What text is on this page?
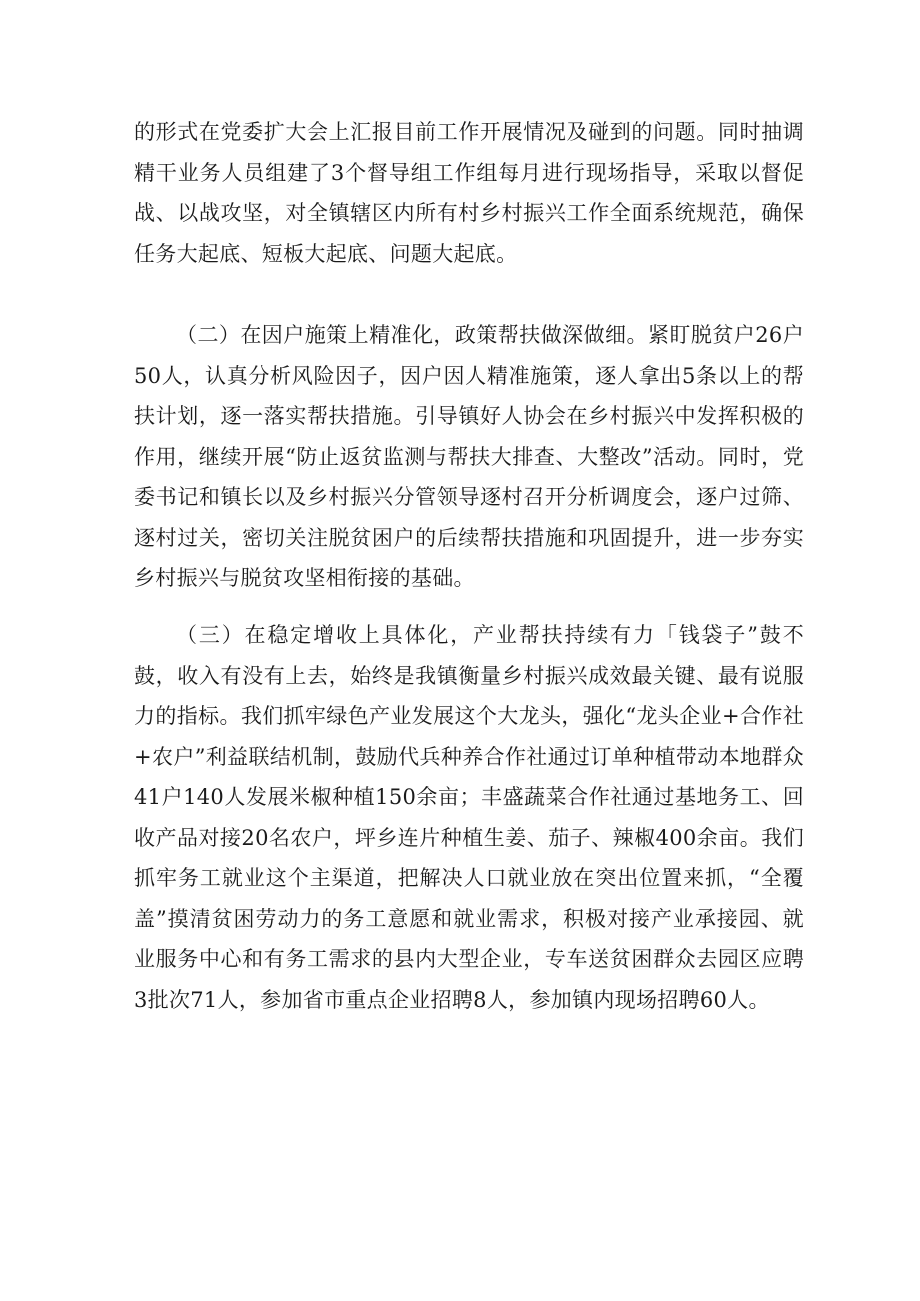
的形式在党委扩大会上汇报目前工作开展情况及碰到的问题。同时抽调精干业务人员组建了3个督导组工作组每月进行现场指导，采取以督促战、以战攻坚，对全镇辖区内所有村乡村振兴工作全面系统规范，确保任务大起底、短板大起底、问题大起底。

（二）在因户施策上精准化，政策帮扶做深做细。紧盯脱贫户26户50人，认真分析风险因子，因户因人精准施策，逐人拿出5条以上的帮扶计划，逐一落实帮扶措施。引导镇好人协会在乡村振兴中发挥积极的作用，继续开展“防止返贫监测与帮扶大排查、大整改”活动。同时，党委书记和镇长以及乡村振兴分管领导逐村召开分析调度会，逐户过筛、逐村过关，密切关注脱贫困户的后续帮扶措施和巩固提升，进一步夯实乡村振兴与脱贫攻坚相衔接的基础。

（三）在稳定增收上具体化，产业帮扶持续有力「钱袋子”鼓不鼓，收入有没有上去，始终是我镇衡量乡村振兴成效最关键、最有说服力的指标。我们抓牢绿色产业发展这个大龙头，强化“龙头企业+合作社+农户”利益联结机制，鼓励代兵种养合作社通过订单种植带动本地群众41户140人发展米椒种植150余亩；丰盛蔬菜合作社通过基地务工、回收产品对接20名农户，坪乡连片种植生姜、茄子、辣椒400余亩。我们抓牢务工就业这个主渠道，把解决人口就业放在突出位置来抓，“全覆盖”摸清贫困劳动力的务工意愿和就业需求，积极对接产业承接园、就业服务中心和有务工需求的县内大型企业，专车送贫困群众去园区应聘3批次71人，参加省市重点企业招聘8人，参加镇内现场招聘60人。
